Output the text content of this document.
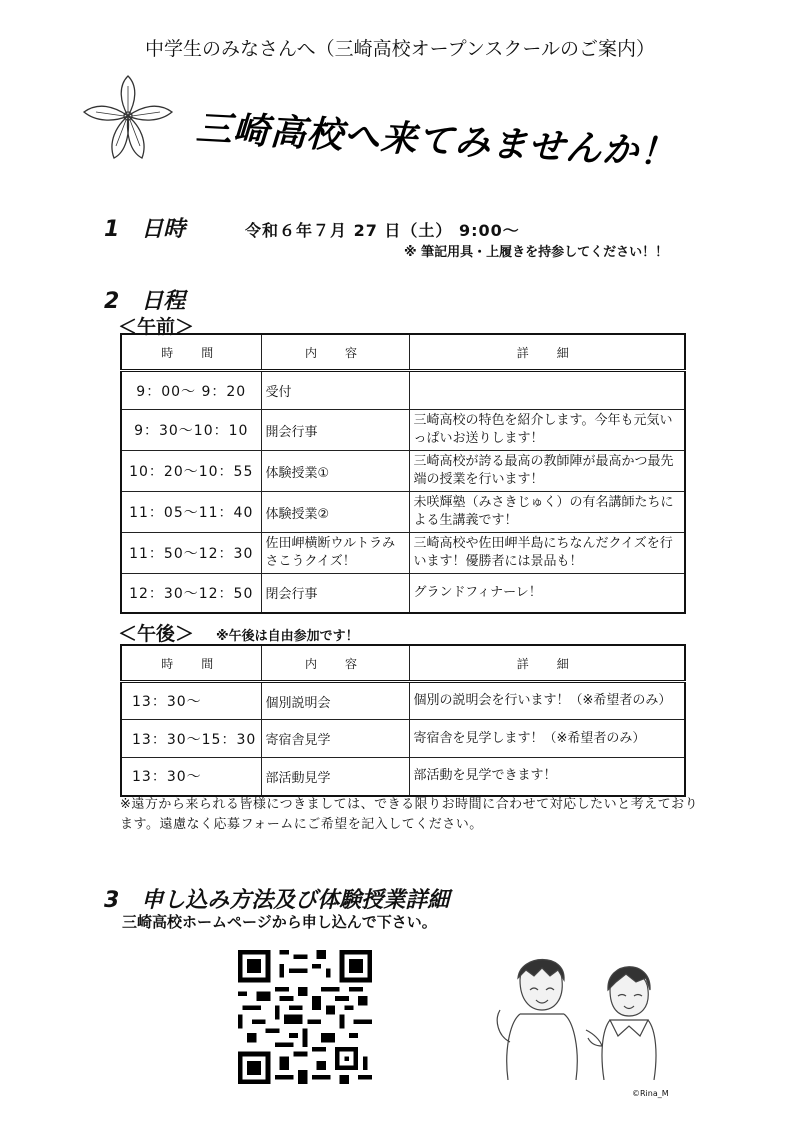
中学生のみなさんへ（三崎高校オープンスクールのご案内）
三崎高校へ来てみませんか！
1　日時	令和６年７月 27 日（土） 9:00～
※ 筆記用具・上履きを持参してください！！
2　日程
＜午前＞
時　間	内　容	詳　細
9：00～ 9：20	受付	
9：30～10：10	開会行事	三崎高校の特色を紹介します。今年も元気いっぱいお送りします！
10：20～10：55	体験授業①	三崎高校が誇る最高の教師陣が最高かつ最先端の授業を行います！
11：05～11：40	体験授業②	未咲輝塾（みさきじゅく）の有名講師たちによる生講義です！
11：50～12：30	佐田岬横断ウルトラみさこうクイズ！	三崎高校や佐田岬半島にちなんだクイズを行います！優勝者には景品も！
12：30～12：50	閉会行事	グランドフィナーレ！
＜午後＞ ※午後は自由参加です！
時　間	内　容	詳　細
13：30～	個別説明会	個別の説明会を行います！（※希望者のみ）
13：30～15：30	寄宿舎見学	寄宿舎を見学します！（※希望者のみ）
13：30～	部活動見学	部活動を見学できます！
※遠方から来られる皆様につきましては、できる限りお時間に合わせて対応したいと考えております。遠慮なく応募フォームにご希望を記入してください。
3　申し込み方法及び体験授業詳細
三崎高校ホームページから申し込んで下さい。
©Rina_M
